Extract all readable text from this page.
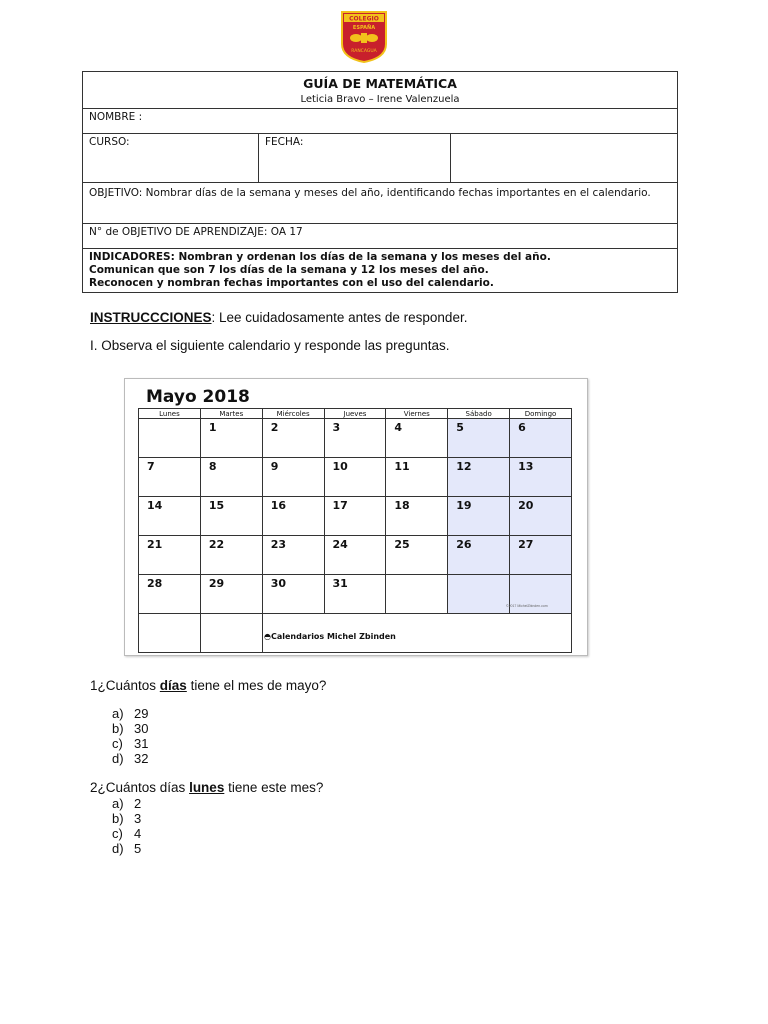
COLEGIO
ESPAÑA
RANCAGUA
GUÍA DE MATEMÁTICA
Leticia Bravo – Irene Valenzuela

NOMBRE :
CURSO:	FECHA:	
OBJETIVO: Nombrar días de la semana y meses del año, identificando fechas importantes en el calendario.
N° de OBJETIVO DE APRENDIZAJE: OA 17

INDICADORES: Nombran y ordenan los días de la semana y los meses del año.
Comunican que son 7 los días de la semana y 12 los meses del año.
Reconocen y nombran fechas importantes con el uso del calendario.
INSTRUCCCIONES: Lee cuidadosamente antes de responder.
I. Observa el siguiente calendario y responde las preguntas.
Mayo 2018
Lunes	Martes	Miércoles	Jueves	Viernes	Sábado	Domingo
	1	2	3	4	5	6
7	8	9	10	11	12	13
14	15	16	17	18	19	20
21	22	23	24	25	26	27
28	29	30	31			

◓Calendarios Michel Zbinden
©2017 MichelZbinden.com
1¿Cuántos días tiene el mes de mayo?
a) 29
b) 30
c) 31
d) 32
2¿Cuántos días lunes tiene este mes?
a) 2
b) 3
c) 4
d) 5
